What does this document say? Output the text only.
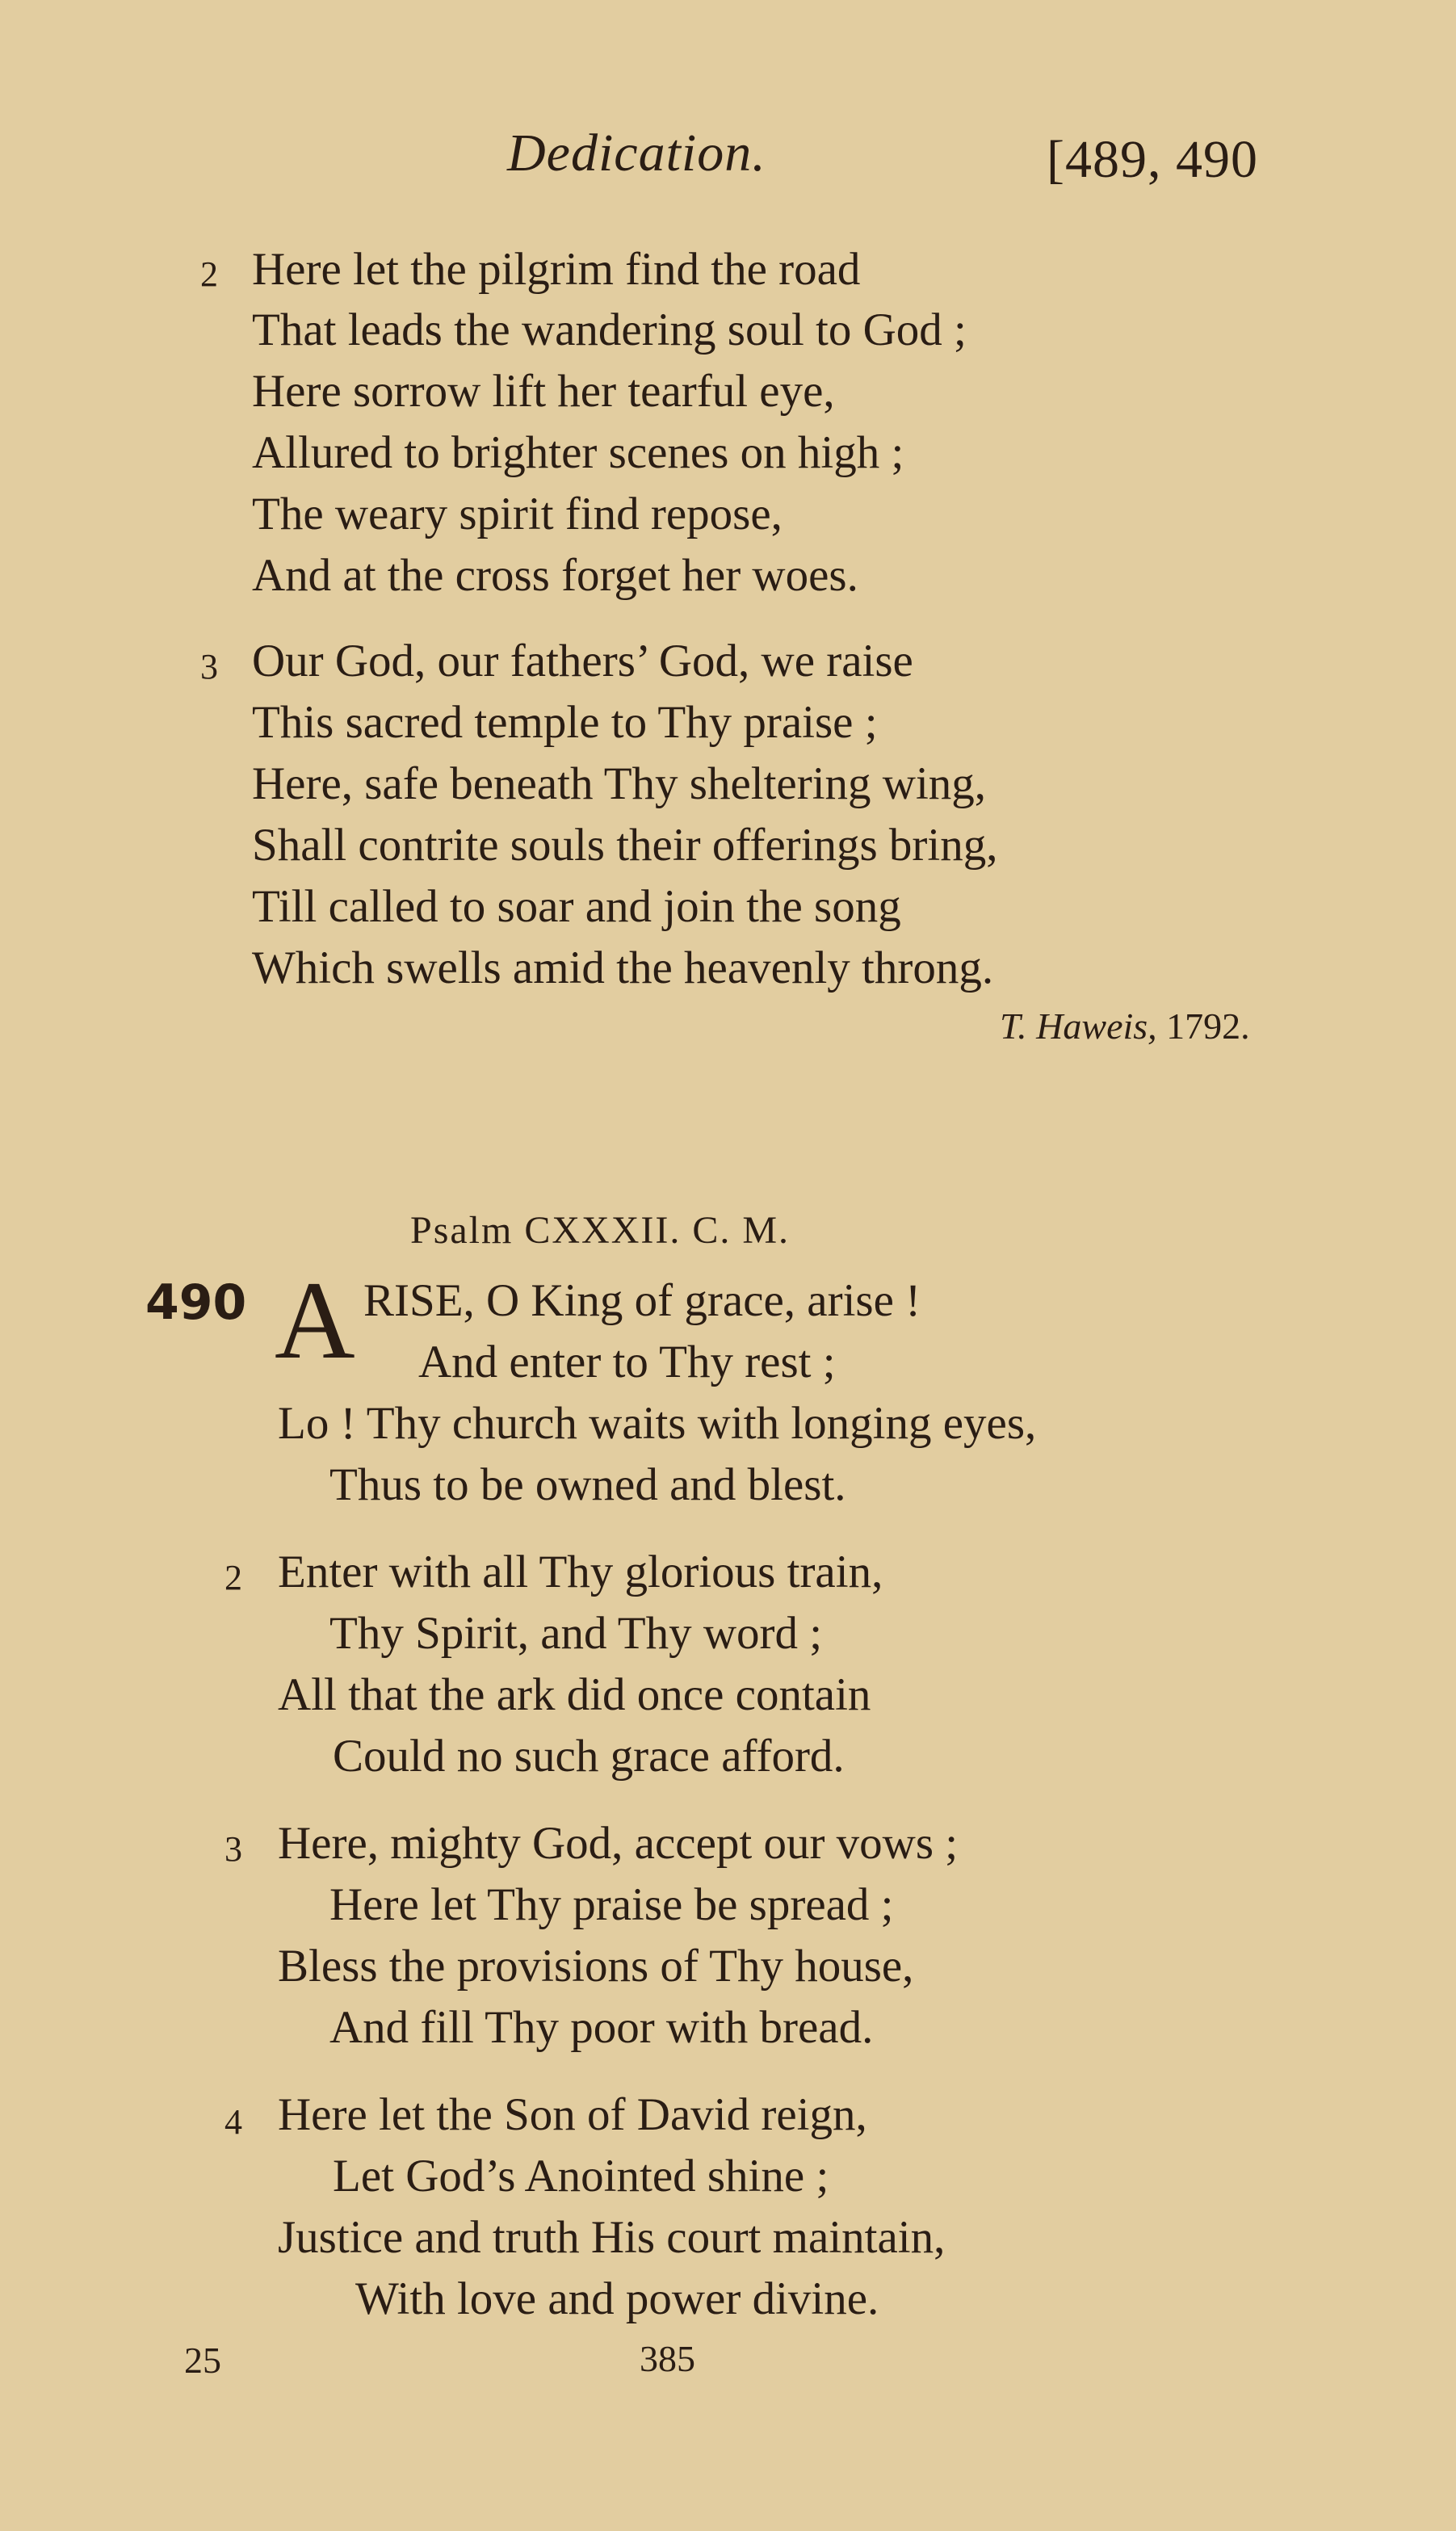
Dedication.	[489, 490
2 Here let the pilgrim find the road
That leads the wandering soul to God ;
Here sorrow lift her tearful eye,
Allured to brighter scenes on high ;
The weary spirit find repose,
And at the cross forget her woes.
3 Our God, our fathers’ God, we raise
This sacred temple to Thy praise ;
Here, safe beneath Thy sheltering wing,
Shall contrite souls their offerings bring,
Till called to soar and join the song
Which swells amid the heavenly throng.
T. Haweis, 1792.
Psalm CXXXII. C. M.
490 A RISE, O King of grace, arise !
And enter to Thy rest ;
Lo ! Thy church waits with longing eyes,
Thus to be owned and blest.
2 Enter with all Thy glorious train,
Thy Spirit, and Thy word ;
All that the ark did once contain
Could no such grace afford.
3 Here, mighty God, accept our vows ;
Here let Thy praise be spread ;
Bless the provisions of Thy house,
And fill Thy poor with bread.
4 Here let the Son of David reign,
Let God’s Anointed shine ;
Justice and truth His court maintain,
With love and power divine.
25	385
